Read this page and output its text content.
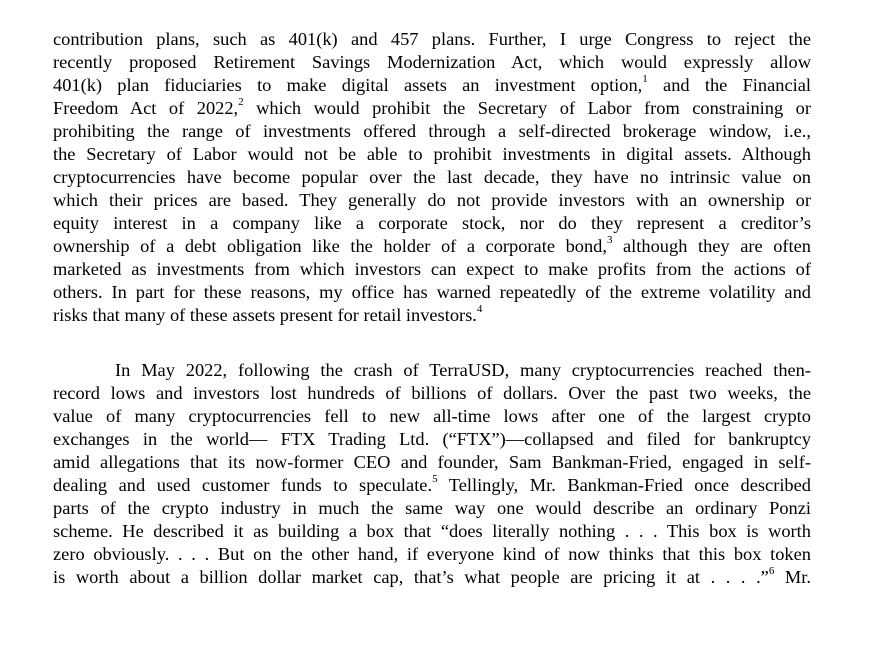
contribution plans, such as 401(k) and 457 plans. Further, I urge Congress to reject the
recently proposed Retirement Savings Modernization Act, which would expressly allow
401(k) plan fiduciaries to make digital assets an investment option,$^1$ and the Financial
Freedom Act of 2022,$^2$ which would prohibit the Secretary of Labor from constraining or
prohibiting the range of investments offered through a self-directed brokerage window, i.e.,
the Secretary of Labor would not be able to prohibit investments in digital assets. Although
cryptocurrencies have become popular over the last decade, they have no intrinsic value on
which their prices are based. They generally do not provide investors with an ownership or
equity interest in a company like a corporate stock, nor do they represent a creditor’s
ownership of a debt obligation like the holder of a corporate bond,$^3$ although they are often
marketed as investments from which investors can expect to make profits from the actions of
others. In part for these reasons, my office has warned repeatedly of the extreme volatility and
risks that many of these assets present for retail investors.$^4$
In May 2022, following the crash of TerraUSD, many cryptocurrencies reached then-
record lows and investors lost hundreds of billions of dollars. Over the past two weeks, the
value of many cryptocurrencies fell to new all-time lows after one of the largest crypto
exchanges in the world— FTX Trading Ltd. (“FTX”)—collapsed and filed for bankruptcy
amid allegations that its now-former CEO and founder, Sam Bankman-Fried, engaged in self-
dealing and used customer funds to speculate.$^5$ Tellingly, Mr. Bankman-Fried once described
parts of the crypto industry in much the same way one would describe an ordinary Ponzi
scheme. He described it as building a box that “does literally nothing . . . This box is worth
zero obviously. . . . But on the other hand, if everyone kind of now thinks that this box token
is worth about a billion dollar market cap, that’s what people are pricing it at . . . .”$^6$ Mr.
